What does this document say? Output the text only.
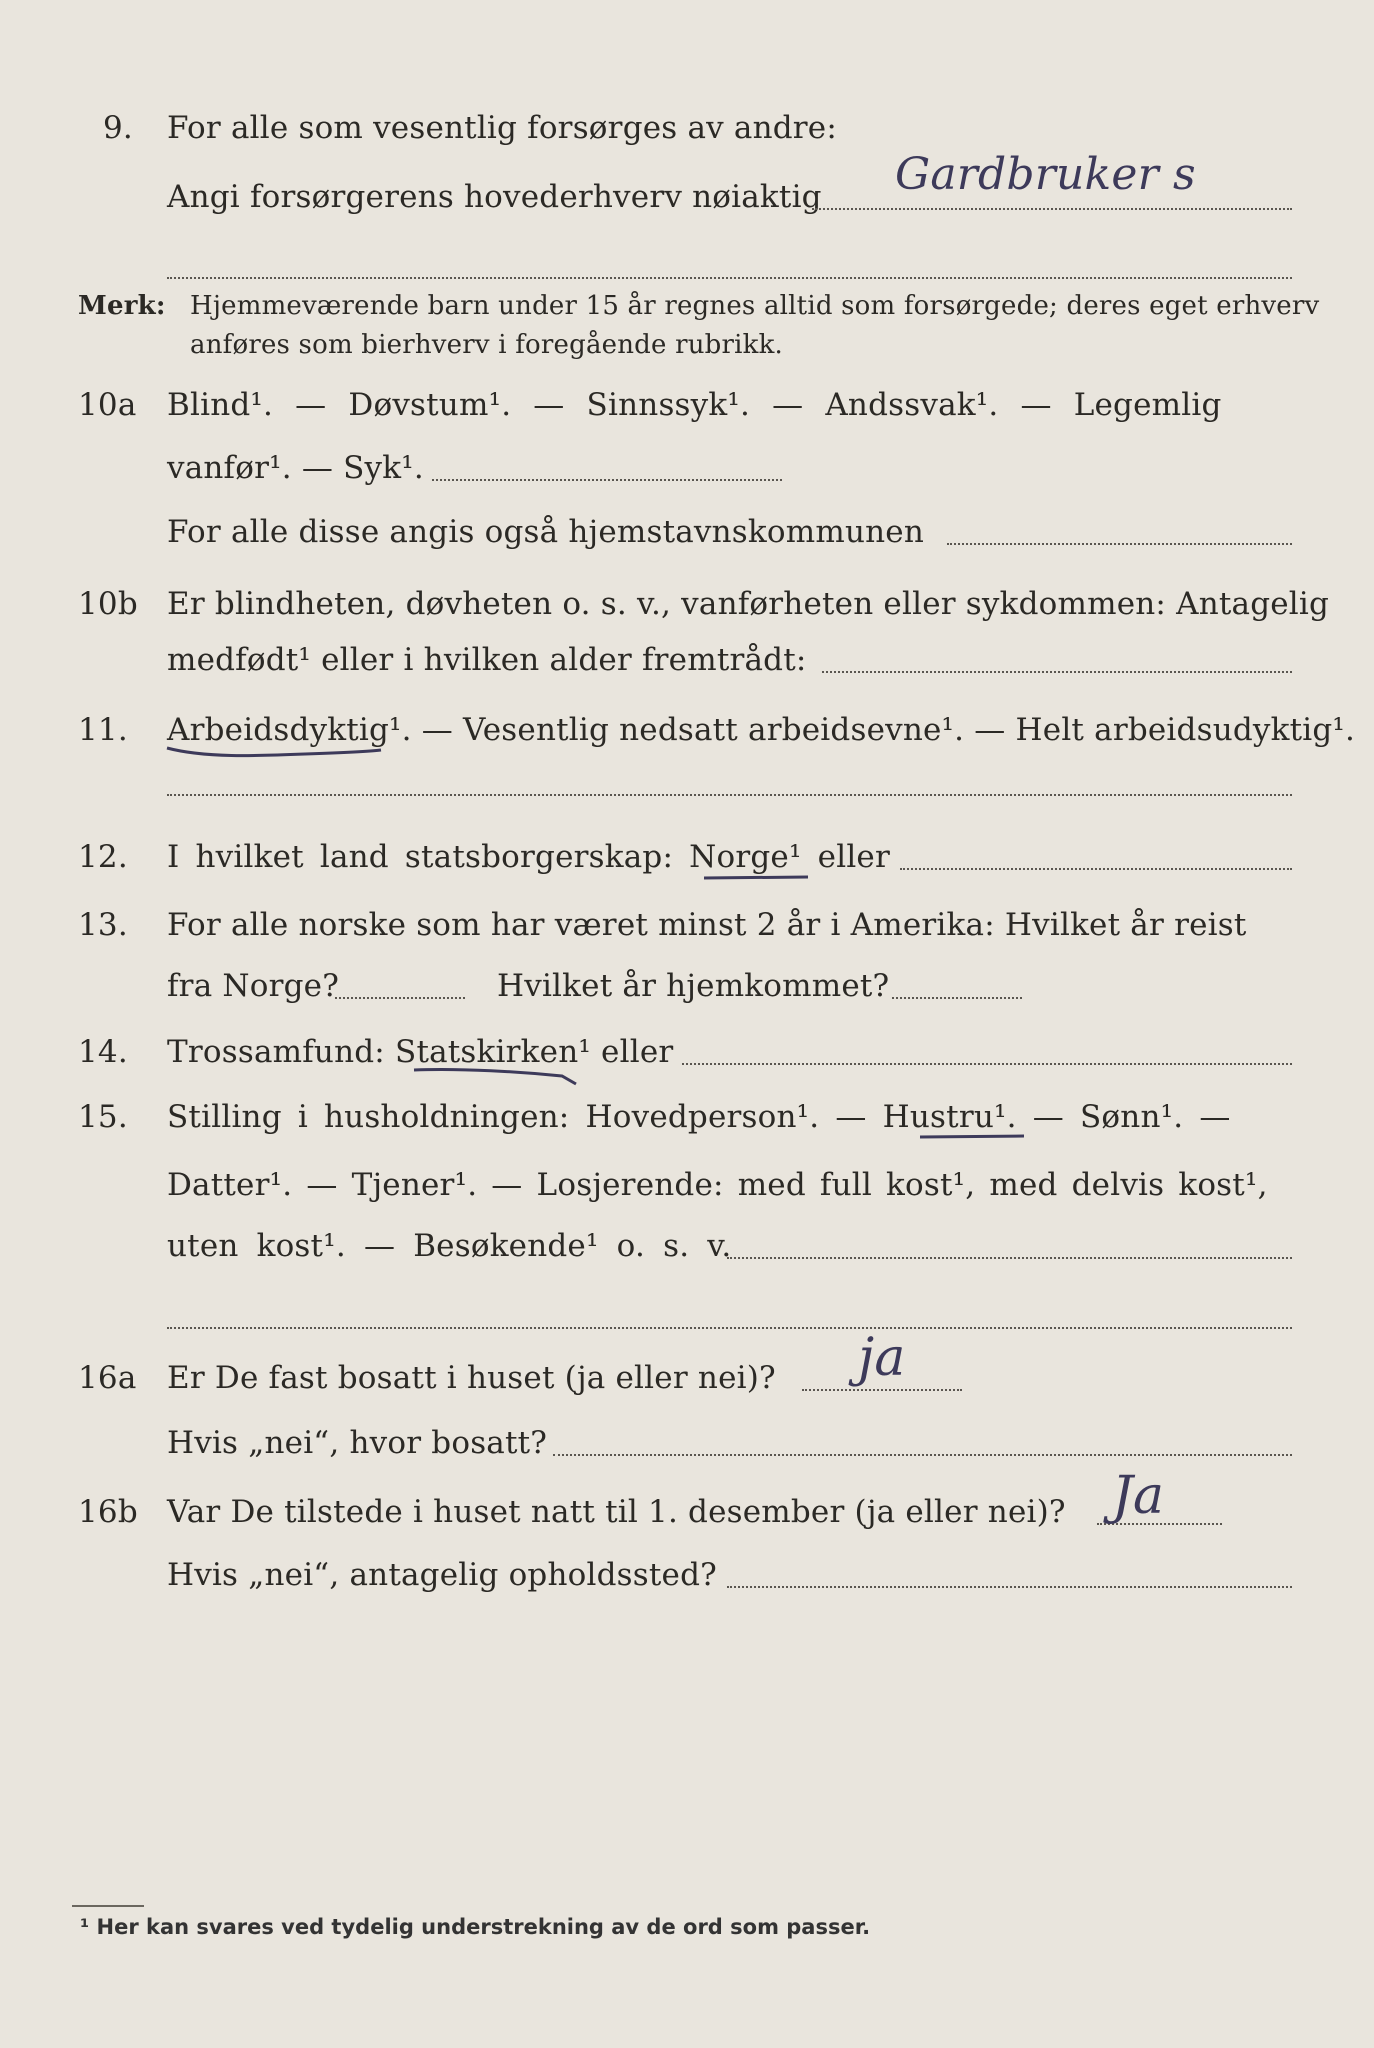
9. For alle som vesentlig forsørges av andre:
Angi forsørgerens hovederhverv nøiaktig Gardbruker s
Merk: Hjemmeværende barn under 15 år regnes alltid som forsørgede; deres eget erhverv
anføres som bierhverv i foregående rubrikk.
10a Blind¹. — Døvstum¹. — Sinnssyk¹. — Andssvak¹. — Legemlig
vanfør¹. — Syk¹.
For alle disse angis også hjemstavnskommunen
10b Er blindheten, døvheten o. s. v., vanførheten eller sykdommen: Antagelig
medfødt¹ eller i hvilken alder fremtrådt:
11. Arbeidsdyktig¹. — Vesentlig nedsatt arbeidsevne¹. — Helt arbeidsudyktig¹.
12. I hvilket land statsborgerskap: Norge¹ eller
13. For alle norske som har været minst 2 år i Amerika: Hvilket år reist
fra Norge?	Hvilket år hjemkommet?
14. Trossamfund: Statskirken¹ eller
15. Stilling i husholdningen: Hovedperson¹. — Hustru¹. — Sønn¹. —
Datter¹. — Tjener¹. — Losjerende: med full kost¹, med delvis kost¹,
uten kost¹. — Besøkende¹ o. s. v.
16a Er De fast bosatt i huset (ja eller nei)? ja
Hvis „nei“, hvor bosatt?
16b Var De tilstede i huset natt til 1. desember (ja eller nei)? Ja
Hvis „nei“, antagelig opholdssted?
¹ Her kan svares ved tydelig understrekning av de ord som passer.
